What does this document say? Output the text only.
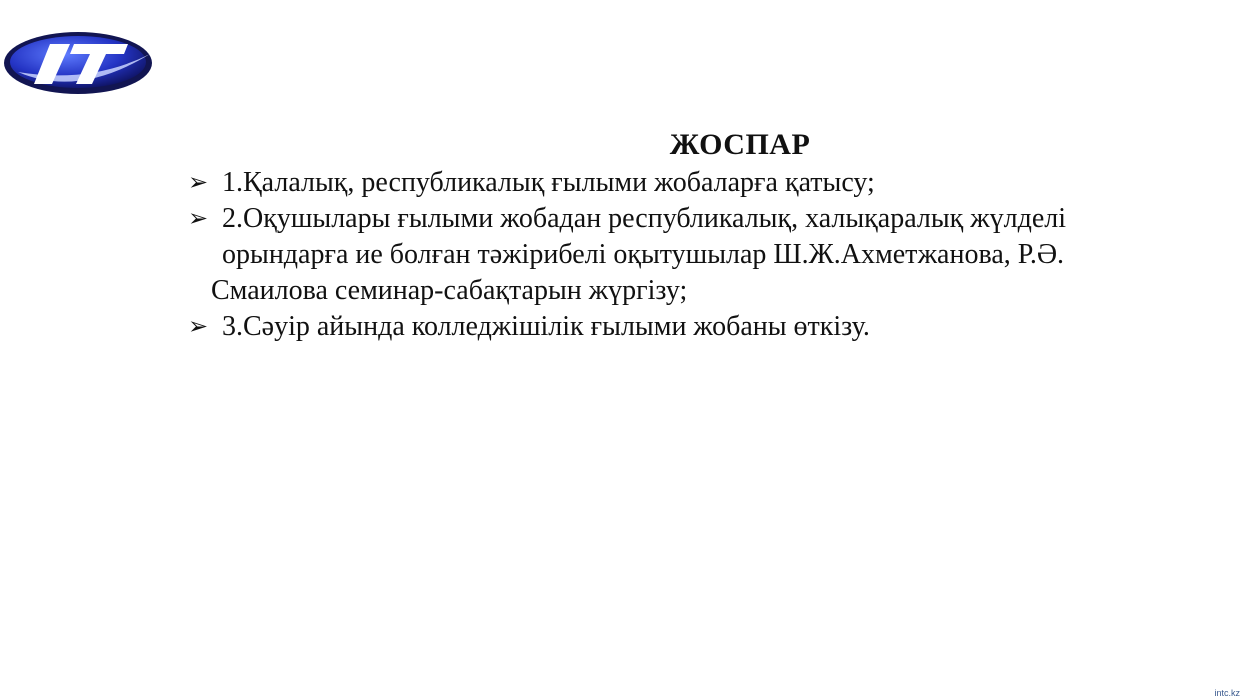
ЖОСПАР
➢ 1.Қалалық, республикалық ғылыми жобаларға қатысу;
➢ 2.Оқушылары ғылыми жобадан республикалық, халықаралық жүлделі
орындарға ие болған тәжірибелі оқытушылар Ш.Ж.Ахметжанова, Р.Ә.
Смаилова семинар-сабақтарын жүргізу;
➢ 3.Сәуір айында колледжішілік ғылыми жобаны өткізу.
intc.kz
